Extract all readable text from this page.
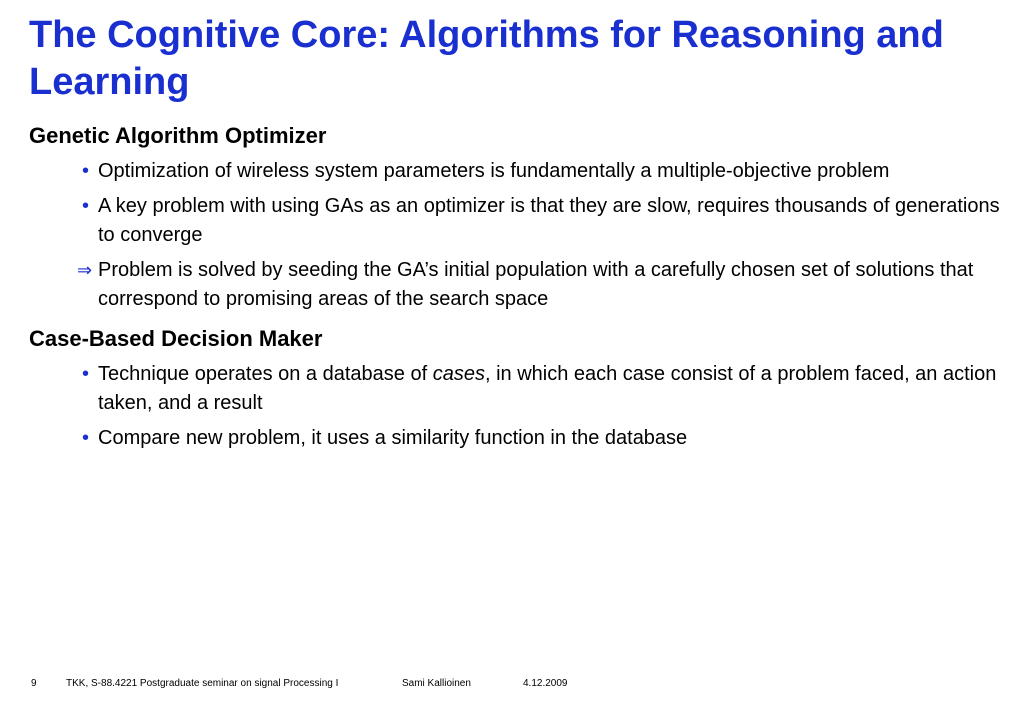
The Cognitive Core: Algorithms for Reasoning and Learning
Genetic Algorithm Optimizer
• Optimization of wireless system parameters is fundamentally a multiple-objective problem
• A key problem with using GAs as an optimizer is that they are slow, requires thousands of generations to converge
⇒ Problem is solved by seeding the GA’s initial population with a carefully chosen set of solutions that correspond to promising areas of the search space
Case-Based Decision Maker
• Technique operates on a database of cases, in which each case consist of a problem faced, an action taken, and a result
• Compare new problem, it uses a similarity function in the database
9	TKK, S-88.4221 Postgraduate seminar on signal Processing I	Sami Kallioinen	4.12.2009
